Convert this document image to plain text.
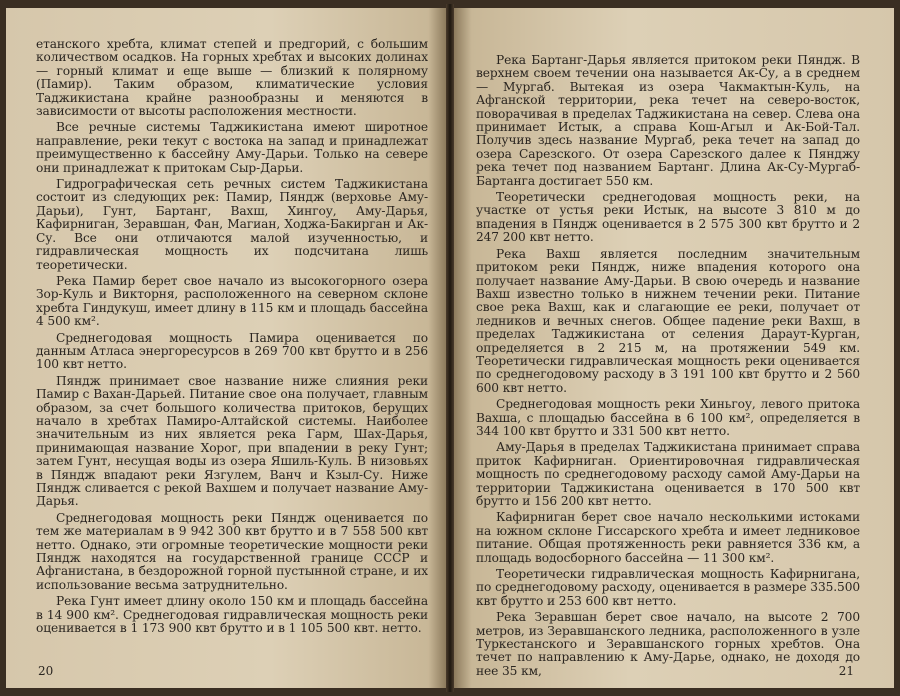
етанского хребта, климат степей и предгорий, с большим количеством осадков. На горных хребтах и высоких долинах — горный климат и еще выше — близкий к полярному (Памир). Таким образом, климатические условия Таджикистана крайне разнообразны и меняются в зависимости от высоты расположения местности.

Все речные системы Таджикистана имеют широтное направление, реки текут с востока на запад и принадлежат преимущественно к бассейну Аму-Дарьи. Только на севере они принадлежат к притокам Сыр-Дарьи.

Гидрографическая сеть речных систем Таджикистана состоит из следующих рек: Памир, Пяндж (верховье Аму-Дарьи), Гунт, Бартанг, Вахш, Хингоу, Аму-Дарья, Кафирниган, Зеравшан, Фан, Магиан, Ходжа-Бакирган и Ак-Су. Все они отличаются малой изученностью, и гидравлическая мощность их подсчитана лишь теоретически.

Река Памир берет свое начало из высокогорного озера Зор-Куль и Викторня, расположенного на северном склоне хребта Гиндукуш, имеет длину в 115 км и площадь бассейна 4 500 км².

Среднегодовая мощность Памира оценивается по данным Атласа энергоресурсов в 269 700 квт брутто и в 256 100 квт нетто.

Пяндж принимает свое название ниже слияния реки Памир с Вахан-Дарьей. Питание свое она получает, главным образом, за счет большого количества притоков, берущих начало в хребтах Памиро-Алтайской системы. Наиболее значительным из них является река Гарм, Шах-Дарья, принимающая название Хорог, при впадении в реку Гунт; затем Гунт, несущая воды из озера Яшиль-Куль. В низовьях в Пяндж впадают реки Язгулем, Ванч и Кзыл-Су. Ниже Пяндж сливается с рекой Вахшем и получает название Аму-Дарья.

Среднегодовая мощность реки Пяндж оценивается по тем же материалам в 9 942 300 квт брутто и в 7 558 500 квт нетто. Однако, эти огромные теоретические мощности реки Пяндж находятся на государственной границе СССР и Афганистана, в бездорожной горной пустынной стране, и их использование весьма затруднительно.

Река Гунт имеет длину около 150 км и площадь бассейна в 14 900 км². Среднегодовая гидравлическая мощность реки оценивается в 1 173 900 квт брутто и в 1 105 500 квт. нетто.

20

Река Бартанг-Дарья является притоком реки Пяндж. В верхнем своем течении она называется Ак-Су, а в среднем — Мургаб. Вытекая из озера Чакмактын-Куль, на Афганской территории, река течет на северо-восток, поворачивая в пределах Таджикистана на север. Слева она принимает Истык, а справа Кош-Агыл и Ак-Бой-Тал. Получив здесь название Мургаб, река течет на запад до озера Сарезского. От озера Сарезского далее к Пянджу река течет под названием Бартанг. Длина Ак-Су-Мургаб-Бартанга достигает 550 км.

Теоретически среднегодовая мощность реки, на участке от устья реки Истык, на высоте 3 810 м до впадения в Пяндж оценивается в 2 575 300 квт брутто и 2 247 200 квт нетто.

Река Вахш является последним значительным притоком реки Пяндж, ниже впадения которого она получает название Аму-Дарьи. В свою очередь и название Вахш известно только в нижнем течении реки. Питание свое река Вахш, как и слагающие ее реки, получает от ледников и вечных снегов. Общее падение реки Вахш, в пределах Таджикистана от селения Дараут-Курган, определяется в 2 215 м, на протяжении 549 км. Теоретически гидравлическая мощность реки оценивается по среднегодовому расходу в 3 191 100 квт брутто и 2 560 600 квт нетто.

Среднегодовая мощность реки Хиньгоу, левого притока Вахша, с площадью бассейна в 6 100 км², определяется в 344 100 квт брутто и 331 500 квт нетто.

Аму-Дарья в пределах Таджикистана принимает справа приток Кафирниган. Ориентировочная гидравлическая мощность по среднегодовому расходу самой Аму-Дарьи на территории Таджикистана оценивается в 170 500 квт брутто и 156 200 квт нетто.

Кафирниган берет свое начало несколькими истоками на южном склоне Гиссарского хребта и имеет ледниковое питание. Общая протяженность реки равняется 336 км, а площадь водосборного бассейна — 11 300 км².

Теоретически гидравлическая мощность Кафирнигана, по среднегодовому расходу, оценивается в размере 335.500 квт брутто и 253 600 квт нетто.

Река Зеравшан берет свое начало, на высоте 2 700 метров, из Зеравшанского ледника, расположенного в узле Туркестанского и Зеравшанского горных хребтов. Она течет по направлению к Аму-Дарье, однако, не доходя до нее 35 км,	21
